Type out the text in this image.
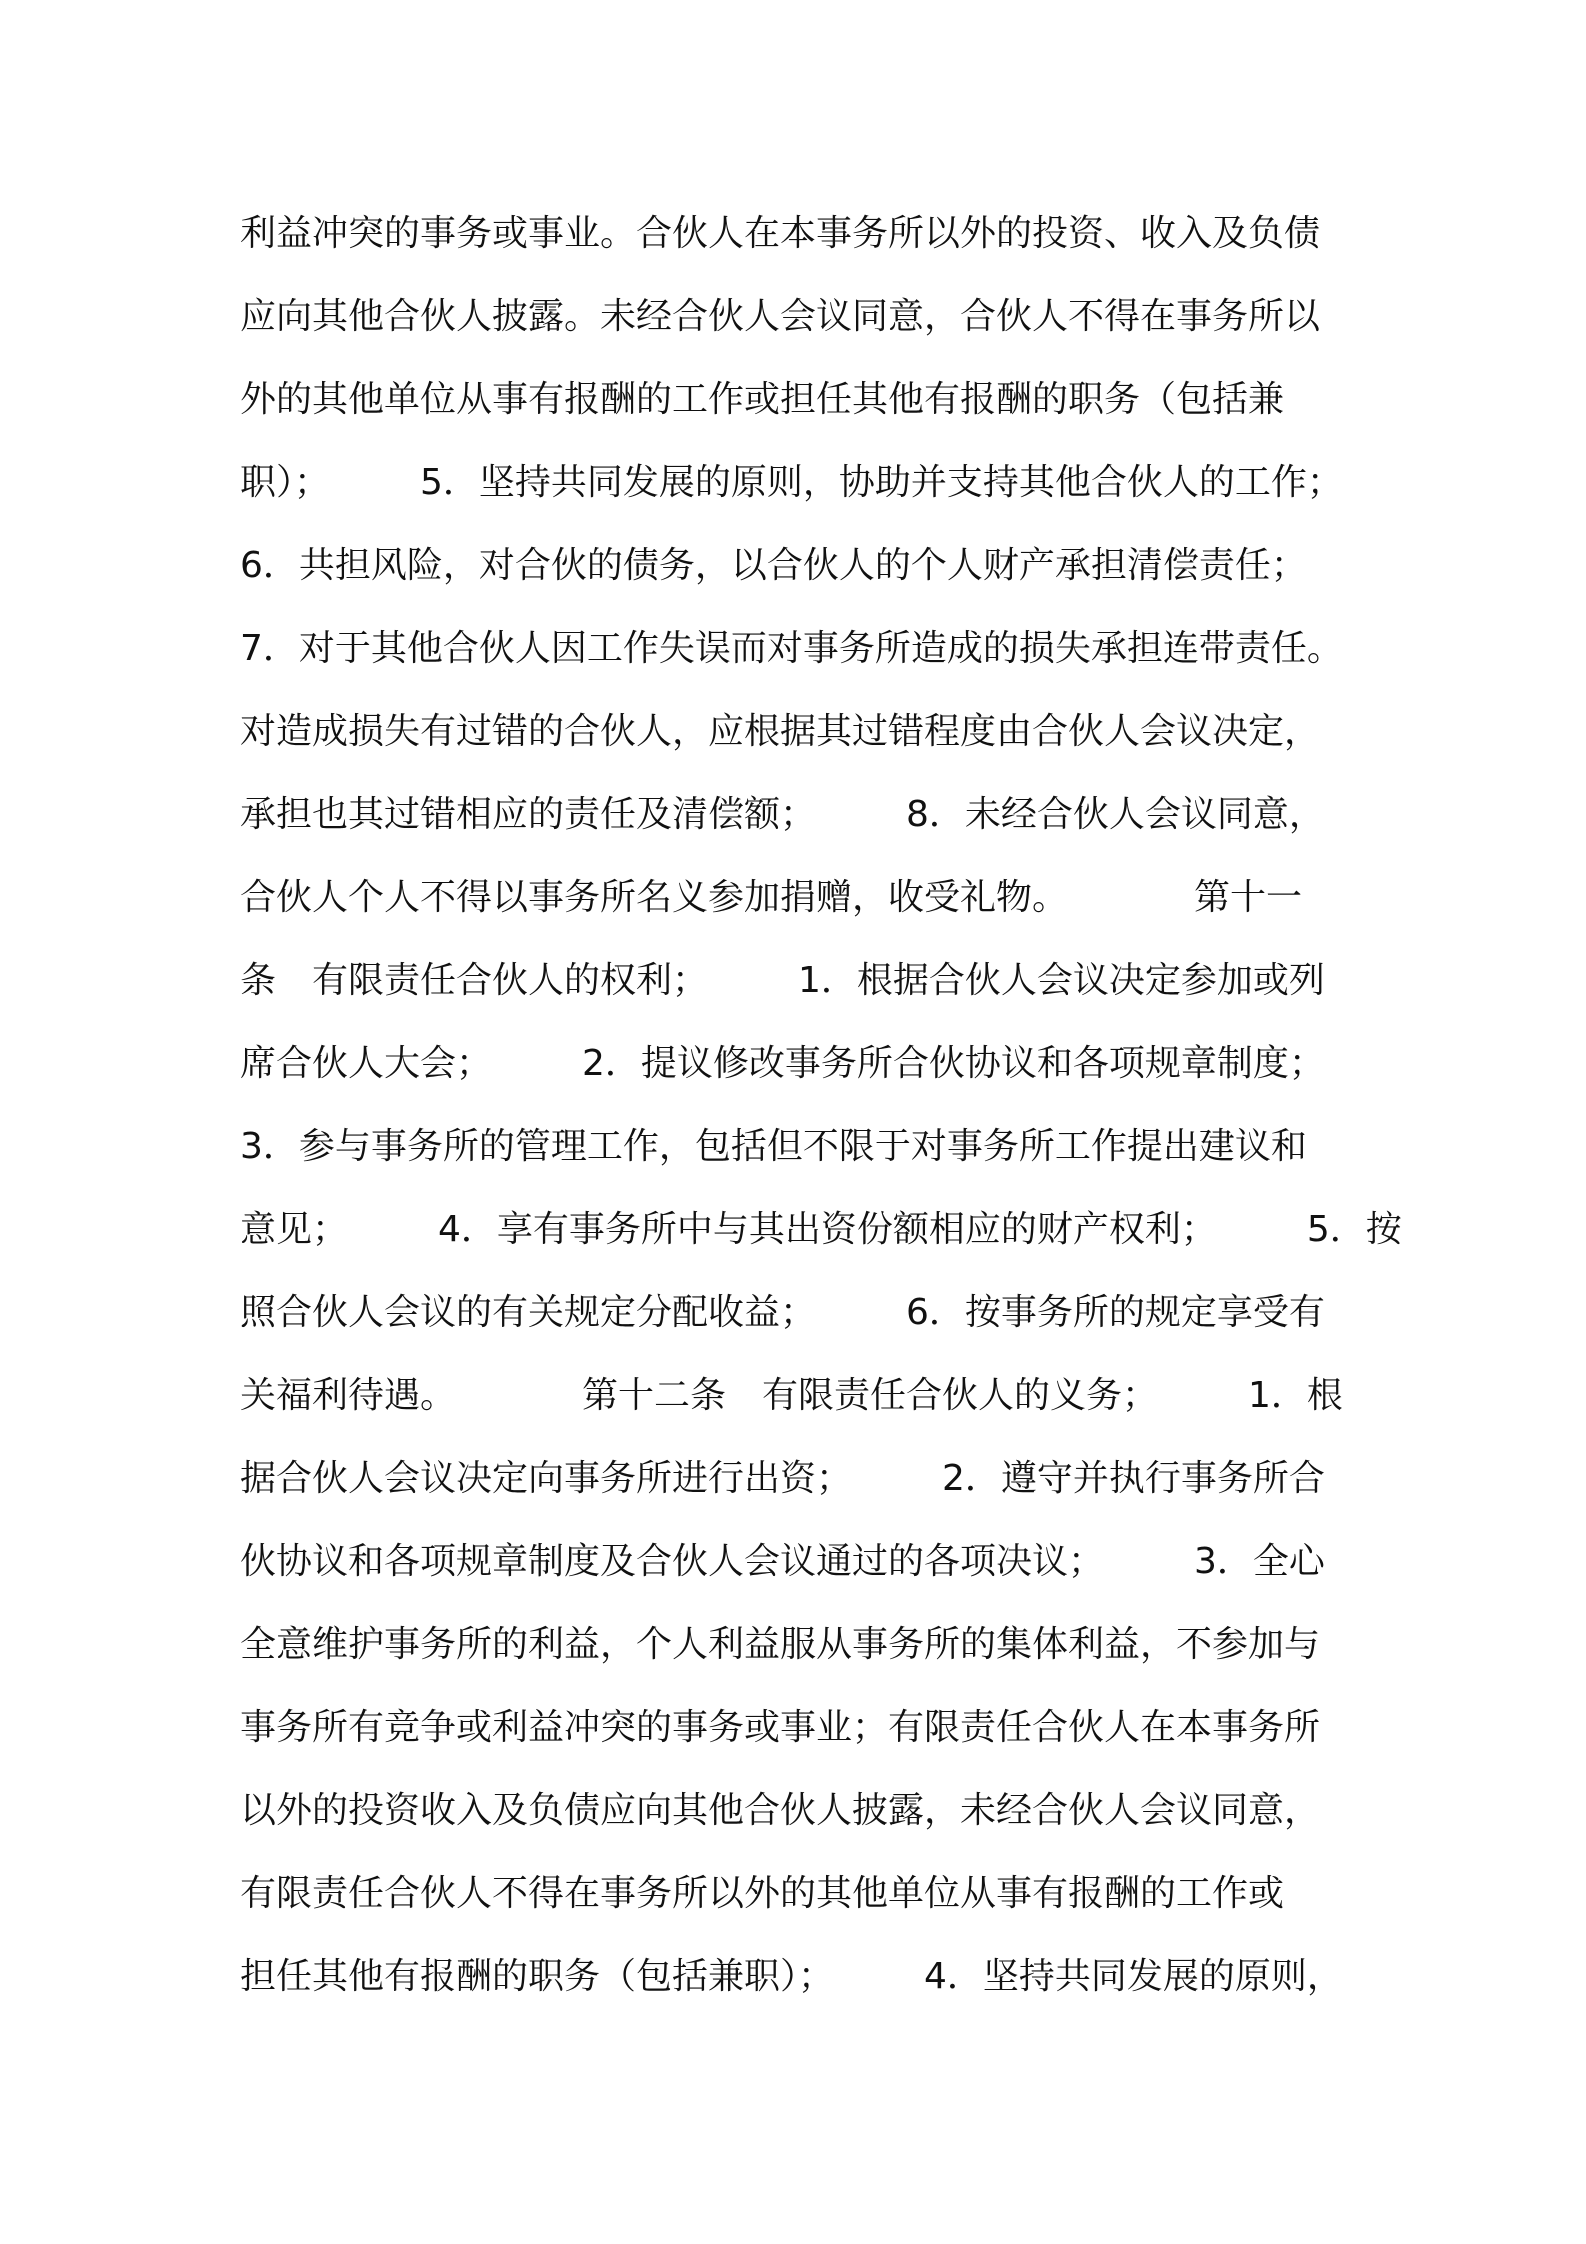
利益冲突的事务或事业。合伙人在本事务所以外的投资、收入及负债
应向其他合伙人披露。未经合伙人会议同意，合伙人不得在事务所以
外的其他单位从事有报酬的工作或担任其他有报酬的职务（包括兼
职）；　　　5．坚持共同发展的原则，协助并支持其他合伙人的工作；
6．共担风险，对合伙的债务，以合伙人的个人财产承担清偿责任；
7．对于其他合伙人因工作失误而对事务所造成的损失承担连带责任。
对造成损失有过错的合伙人，应根据其过错程度由合伙人会议决定，
承担也其过错相应的责任及清偿额；　　　8．未经合伙人会议同意，
合伙人个人不得以事务所名义参加捐赠，收受礼物。　　　　第十一
条　有限责任合伙人的权利；　　　1．根据合伙人会议决定参加或列
席合伙人大会；　　　2．提议修改事务所合伙协议和各项规章制度；
3．参与事务所的管理工作，包括但不限于对事务所工作提出建议和
意见；　　　4．享有事务所中与其出资份额相应的财产权利；　　　5．按
照合伙人会议的有关规定分配收益；　　　6．按事务所的规定享受有
关福利待遇。　　　　第十二条　有限责任合伙人的义务；　　　1．根
据合伙人会议决定向事务所进行出资；　　　2．遵守并执行事务所合
伙协议和各项规章制度及合伙人会议通过的各项决议；　　　3．全心
全意维护事务所的利益，个人利益服从事务所的集体利益，不参加与
事务所有竞争或利益冲突的事务或事业；有限责任合伙人在本事务所
以外的投资收入及负债应向其他合伙人披露，未经合伙人会议同意，
有限责任合伙人不得在事务所以外的其他单位从事有报酬的工作或
担任其他有报酬的职务（包括兼职）；　　　4．坚持共同发展的原则，
